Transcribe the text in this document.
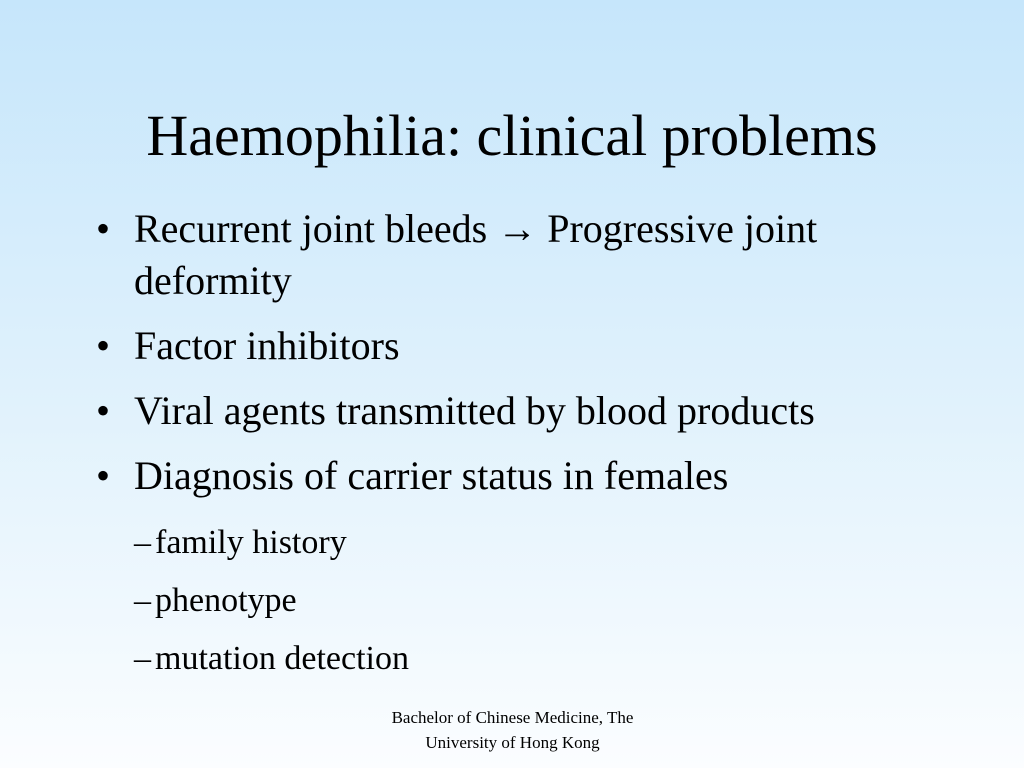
Haemophilia: clinical problems
• Recurrent joint bleeds → Progressive joint deformity
• Factor inhibitors
• Viral agents transmitted by blood products
• Diagnosis of carrier status in females
– family history
– phenotype
– mutation detection
Bachelor of Chinese Medicine, The
University of Hong Kong
